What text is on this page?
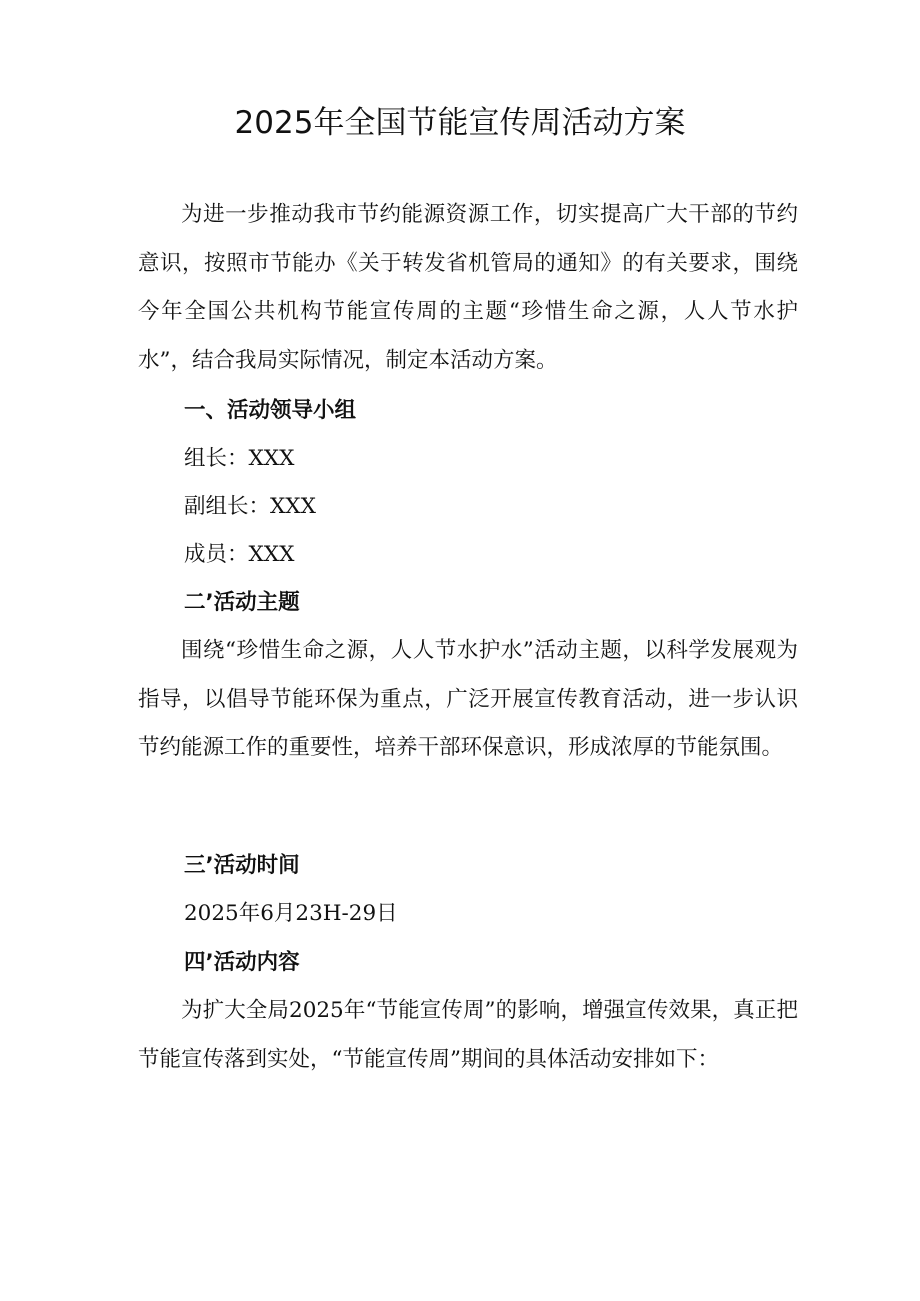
2025年全国节能宣传周活动方案

为进一步推动我市节约能源资源工作，切实提高广大干部的节约意识，按照市节能办《关于转发省机管局的通知》的有关要求，围绕今年全国公共机构节能宣传周的主题“珍惜生命之源，人人节水护水”，结合我局实际情况，制定本活动方案。

一、活动领导小组

组长：XXX

副组长：XXX

成员：XXX

二’活动主题

围绕“珍惜生命之源，人人节水护水”活动主题，以科学发展观为指导，以倡导节能环保为重点，广泛开展宣传教育活动，进一步认识节约能源工作的重要性，培养干部环保意识，形成浓厚的节能氛围。

三’活动时间

2025年6月23H-29日

四’活动内容

为扩大全局2025年“节能宣传周”的影响，增强宣传效果，真正把节能宣传落到实处，“节能宣传周”期间的具体活动安排如下：
